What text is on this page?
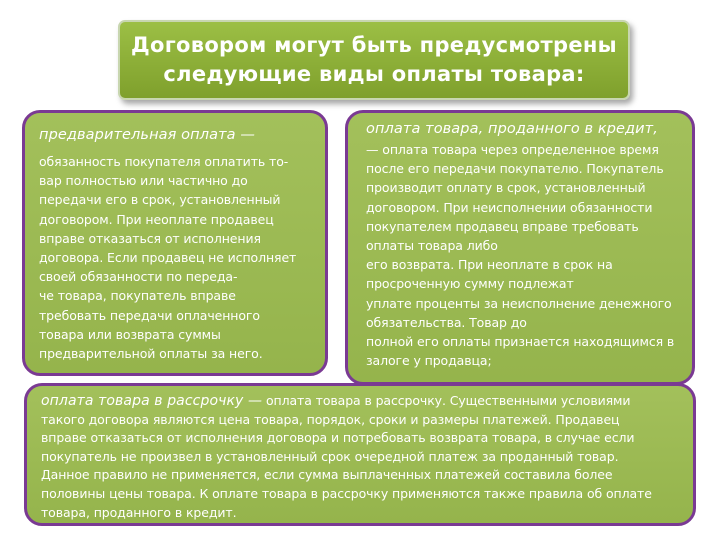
Договором могут быть предусмотрены
следующие виды оплаты товара:
предварительная оплата —
обязанность покупателя оплатить то-
вар полностью или частично до
передачи его в срок, установленный
договором. При неоплате продавец
вправе отказаться от исполнения
договора. Если продавец не исполняет
своей обязанности по переда-
че товара, покупатель вправе
требовать передачи оплаченного
товара или возврата суммы
предварительной оплаты за него.
оплата товара, проданного в кредит,
— оплата товара через определенное время
после его передачи покупателю. Покупатель
производит оплату в срок, установленный
договором. При неисполнении обязанности
покупателем продавец вправе требовать
оплаты товара либо
его возврата. При неоплате в срок на
просроченную сумму подлежат
уплате проценты за неисполнение денежного
обязательства. Товар до
полной его оплаты признается находящимся в
залоге у продавца;
оплата товара в рассрочку — оплата товара в рассрочку. Существенными условиями
такого договора являются цена товара, порядок, сроки и размеры платежей. Продавец
вправе отказаться от исполнения договора и потребовать возврата товара, в случае если
покупатель не произвел в установленный срок очередной платеж за проданный товар.
Данное правило не применяется, если сумма выплаченных платежей составила более
половины цены товара. К оплате товара в рассрочку применяются также правила об оплате
товара, проданного в кредит.
